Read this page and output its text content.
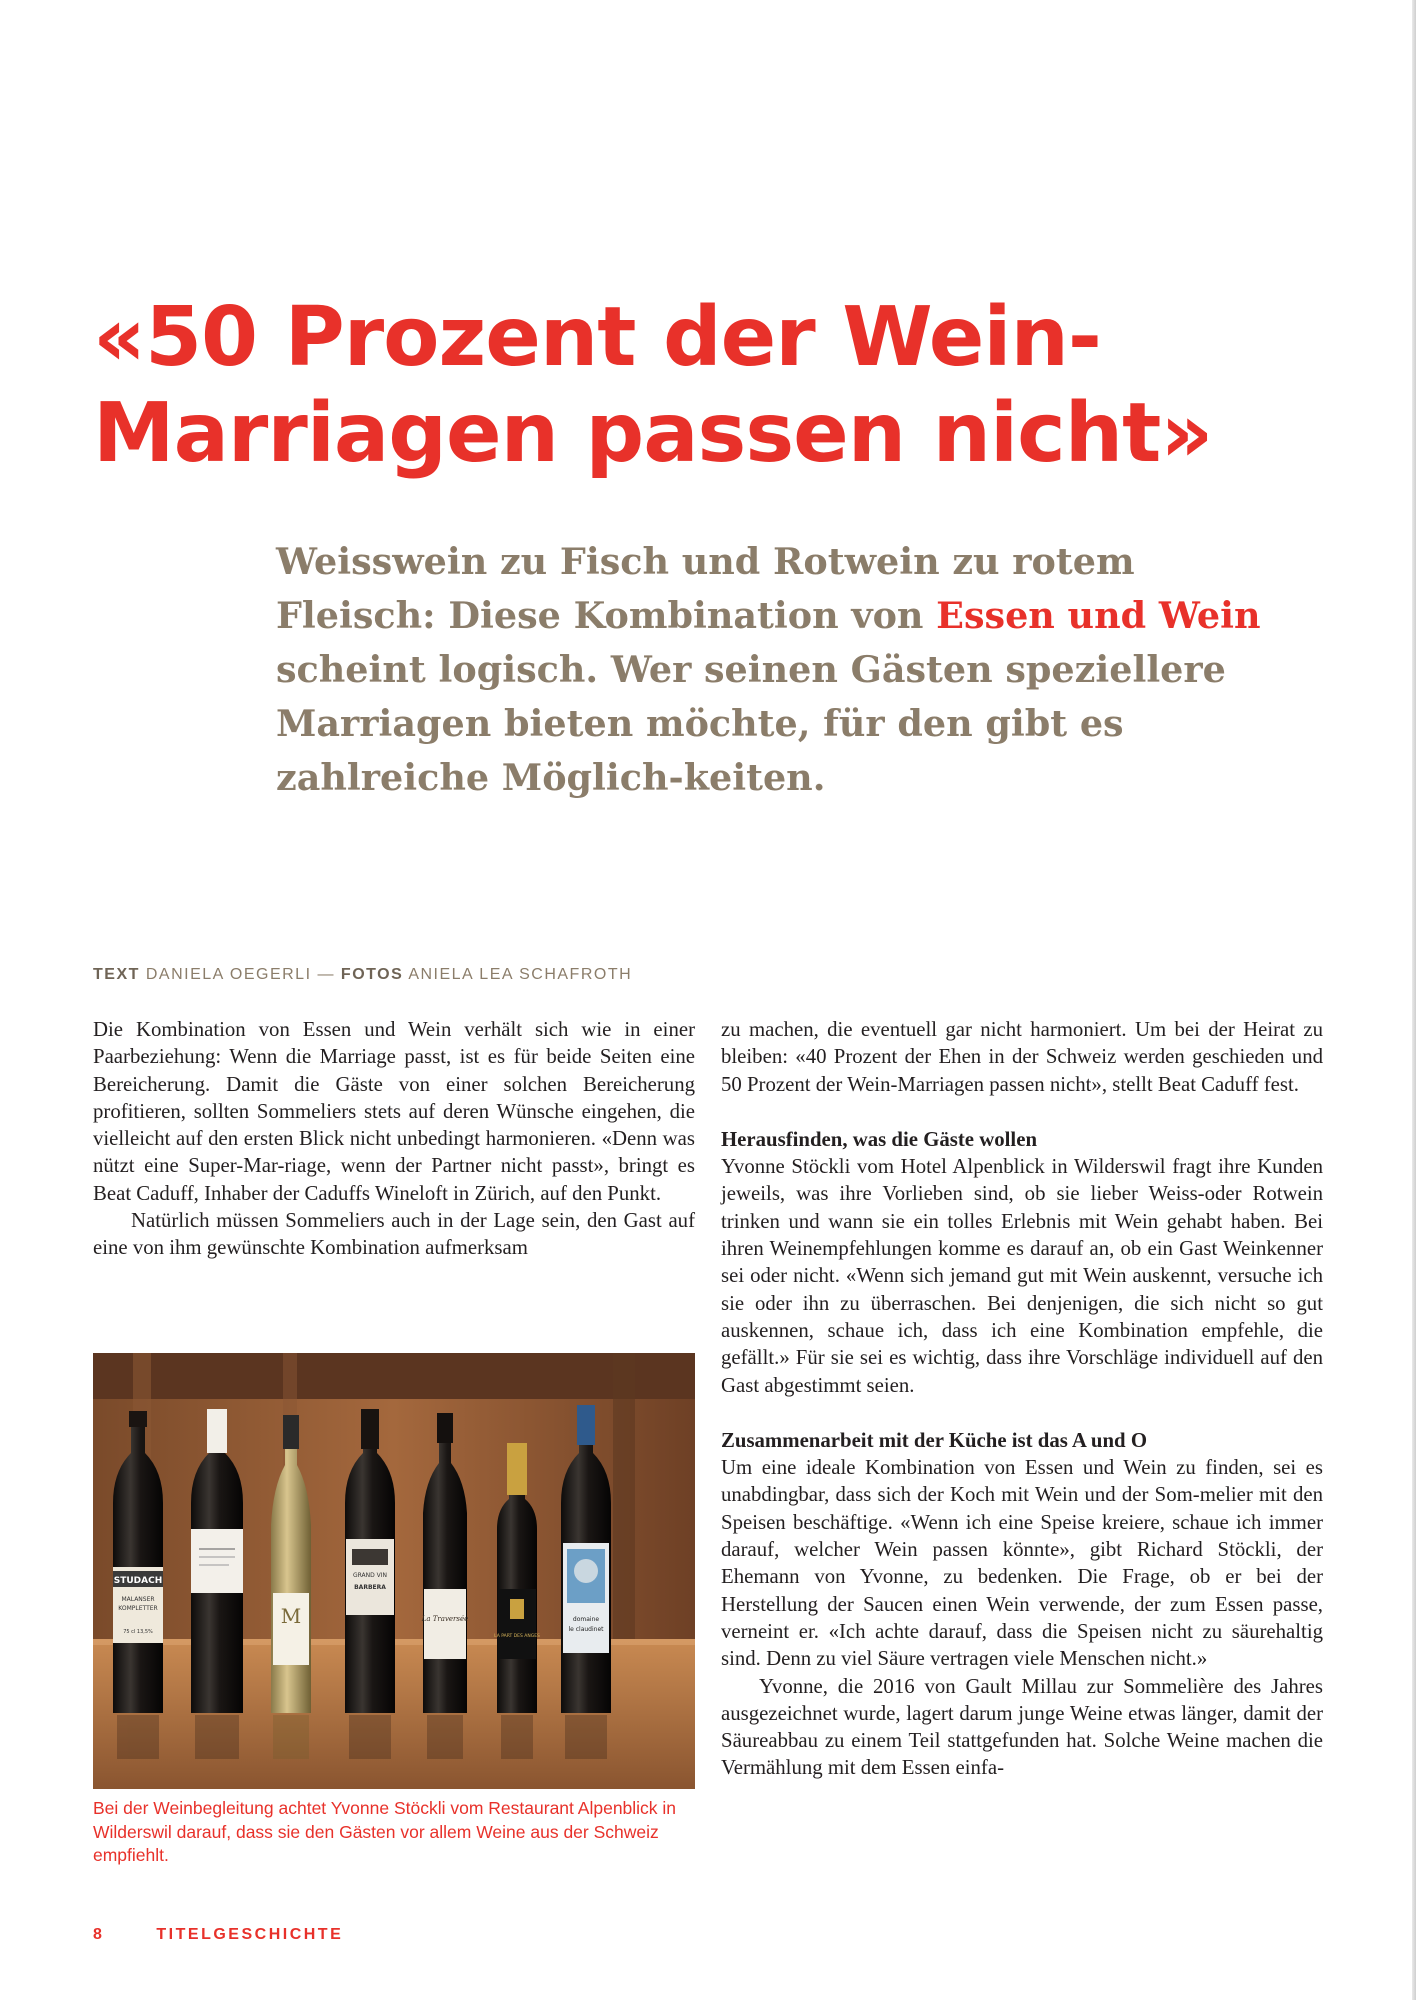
«50 Prozent der Wein-
Marriagen passen nicht»

Weisswein zu Fisch und Rotwein zu rotem Fleisch: Diese Kombination von Essen und Wein scheint logisch. Wer seinen Gästen speziellere Marriagen bieten möchte, für den gibt es zahlreiche Möglich-keiten.

TEXT DANIELA OEGERLI — FOTOS ANIELA LEA SCHAFROTH

Die Kombination von Essen und Wein verhält sich wie in einer Paarbeziehung: Wenn die Marriage passt, ist es für beide Seiten eine Bereicherung. Damit die Gäste von einer solchen Bereicherung profitieren, sollten Sommeliers stets auf deren Wünsche eingehen, die vielleicht auf den ersten Blick nicht unbedingt harmonieren. «Denn was nützt eine Super-Mar-riage, wenn der Partner nicht passt», bringt es Beat Caduff, Inhaber der Caduffs Wineloft in Zürich, auf den Punkt.

Natürlich müssen Sommeliers auch in der Lage sein, den Gast auf eine von ihm gewünschte Kombination aufmerksam

STUDACH
MALANSER
KOMPLETTER
75 cl 13,5%
M
GRAND VIN
BARBERA
La Traversée
LA PART DES ANGES
domaine
le claudinet

Bei der Weinbegleitung achtet Yvonne Stöckli vom Restaurant Alpenblick in Wilderswil darauf, dass sie den Gästen vor allem Weine aus der Schweiz empfiehlt.

zu machen, die eventuell gar nicht harmoniert. Um bei der Heirat zu bleiben: «40 Prozent der Ehen in der Schweiz werden geschieden und 50 Prozent der Wein-Marriagen passen nicht», stellt Beat Caduff fest.

Herausfinden, was die Gäste wollen

Yvonne Stöckli vom Hotel Alpenblick in Wilderswil fragt ihre Kunden jeweils, was ihre Vorlieben sind, ob sie lieber Weiss-oder Rotwein trinken und wann sie ein tolles Erlebnis mit Wein gehabt haben. Bei ihren Weinempfehlungen komme es darauf an, ob ein Gast Weinkenner sei oder nicht. «Wenn sich jemand gut mit Wein auskennt, versuche ich sie oder ihn zu überraschen. Bei denjenigen, die sich nicht so gut auskennen, schaue ich, dass ich eine Kombination empfehle, die gefällt.» Für sie sei es wichtig, dass ihre Vorschläge individuell auf den Gast abgestimmt seien.

Zusammenarbeit mit der Küche ist das A und O

Um eine ideale Kombination von Essen und Wein zu finden, sei es unabdingbar, dass sich der Koch mit Wein und der Som-melier mit den Speisen beschäftige. «Wenn ich eine Speise kreiere, schaue ich immer darauf, welcher Wein passen könnte», gibt Richard Stöckli, der Ehemann von Yvonne, zu bedenken. Die Frage, ob er bei der Herstellung der Saucen einen Wein verwende, der zum Essen passe, verneint er. «Ich achte darauf, dass die Speisen nicht zu säurehaltig sind. Denn zu viel Säure vertragen viele Menschen nicht.»

Yvonne, die 2016 von Gault Millau zur Sommelière des Jahres ausgezeichnet wurde, lagert darum junge Weine etwas länger, damit der Säureabbau zu einem Teil stattgefunden hat. Solche Weine machen die Vermählung mit dem Essen einfa-

8	TITELGESCHICHTE
